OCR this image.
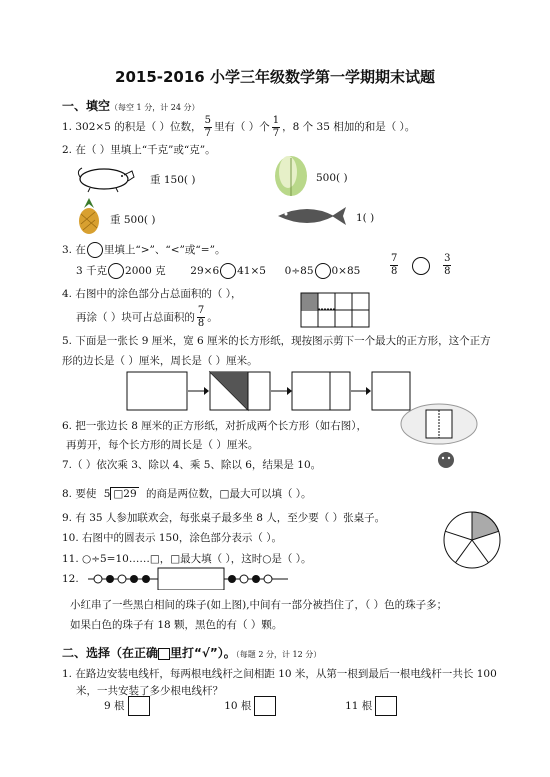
2015-2016 小学三年级数学第一学期期末试题
一、填空（每空 1 分，计 24 分）
1. 302×5 的积是（ ）位数， $\frac{5}{7}$ 里有（ ）个 $\frac{1}{7}$ ，8 个 35 相加的和是（ ）。
2. 在（ ）里填上“千克”或“克”。
重 150( )	500( )
重 500( )	1( )
3. 在 里填上“>”、“<”或“=”。
3 千克 2000 克 29×6 41×5 0÷85 0×85	$\frac{7}{8}$
	$\frac{3}{8}$
4. 右图中的涂色部分占总面积的（ ），
再涂（ ）块可占总面积的 $\frac{7}{8}$ 。
5. 下面是一张长 9 厘米，宽 6 厘米的长方形纸，现按图示剪下一个最大的正方形，这个正方
形的边长是（ ）厘米，周长是（ ）厘米。
6. 把一张边长 8 厘米的正方形纸，对折成两个长方形（如右图），
再剪开，每个长方形的周长是（ ）厘米。
7.（ ）依次乘 3、除以 4、乘 5、除以 6，结果是 10。
8. 要使 5 □29 的商是两位数，□最大可以填（ ）。
9. 有 35 人参加联欢会，每张桌子最多坐 8 人，至少要（ ）张桌子。
10. 右图中的圆表示 150，涂色部分表示（ ）。
11. ○÷5=10……□，□最大填（ ），这时○是（ ）。
12.
小红串了一些黑白相间的珠子(如上图),中间有一部分被挡住了，（ ）色的珠子多；
如果白色的珠子有 18 颗，黑色的有（ ）颗。
二、选择（在正确 里打“√”）。（每题 2 分，计 12 分）
1. 在路边安装电线杆，每两根电线杆之间相距 10 米，从第一根到最后一根电线杆一共长 100
米，一共安装了多少根电线杆？
9 根	10 根	11 根
